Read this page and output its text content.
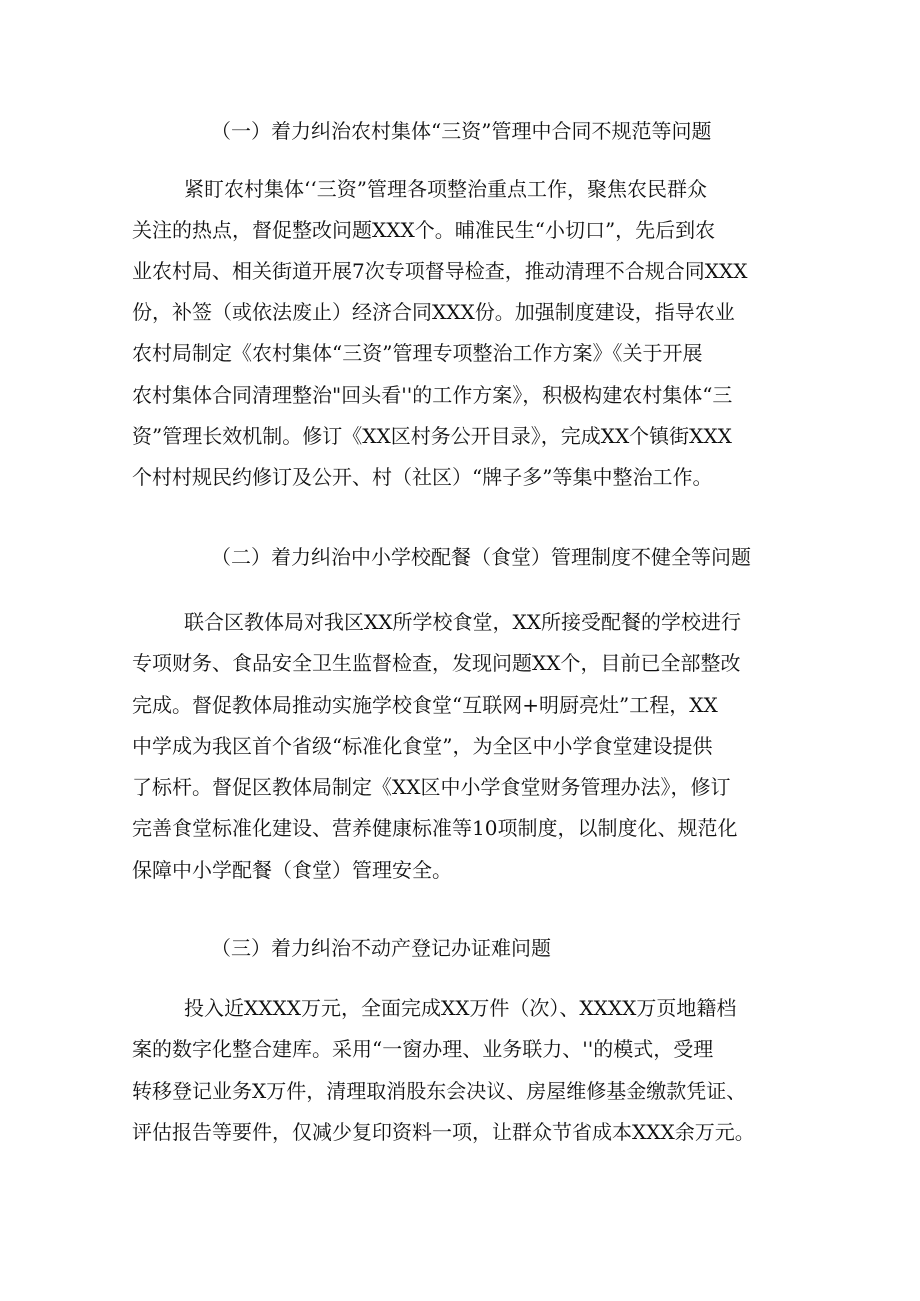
（一）着力纠治农村集体“三资”管理中合同不规范等问题
紧盯农村集体‘‘三资”管理各项整治重点工作，聚焦农民群众
关注的热点，督促整改问题XXX个。晡准民生“小切口”，先后到农
业农村局、相关街道开展7次专项督导检查，推动清理不合规合同XXX
份，补签（或依法废止）经济合同XXX份。加强制度建设，指导农业
农村局制定《农村集体“三资”管理专项整治工作方案》《关于开展
农村集体合同清理整治"回头看''的工作方案》，积极构建农村集体“三
资”管理长效机制。修订《XX区村务公开目录》，完成XX个镇街XXX
个村村规民约修订及公开、村（社区）“牌子多”等集中整治工作。
（二）着力纠治中小学校配餐（食堂）管理制度不健全等问题
联合区教体局对我区XX所学校食堂，XX所接受配餐的学校进行
专项财务、食品安全卫生监督检查，发现问题XX个，目前已全部整改
完成。督促教体局推动实施学校食堂“互联网+明厨亮灶”工程，XX
中学成为我区首个省级“标准化食堂”，为全区中小学食堂建设提供
了标杆。督促区教体局制定《XX区中小学食堂财务管理办法》，修订
完善食堂标准化建设、营养健康标准等10项制度，以制度化、规范化
保障中小学配餐（食堂）管理安全。
（三）着力纠治不动产登记办证难问题
投入近XXXX万元，全面完成XX万件（次）、XXXX万页地籍档
案的数字化整合建库。采用“一窗办理、业务联力、''的模式，受理
转移登记业务X万件，清理取消股东会决议、房屋维修基金缴款凭证、
评估报告等要件，仅减少复印资料一项，让群众节省成本XXX余万元。
